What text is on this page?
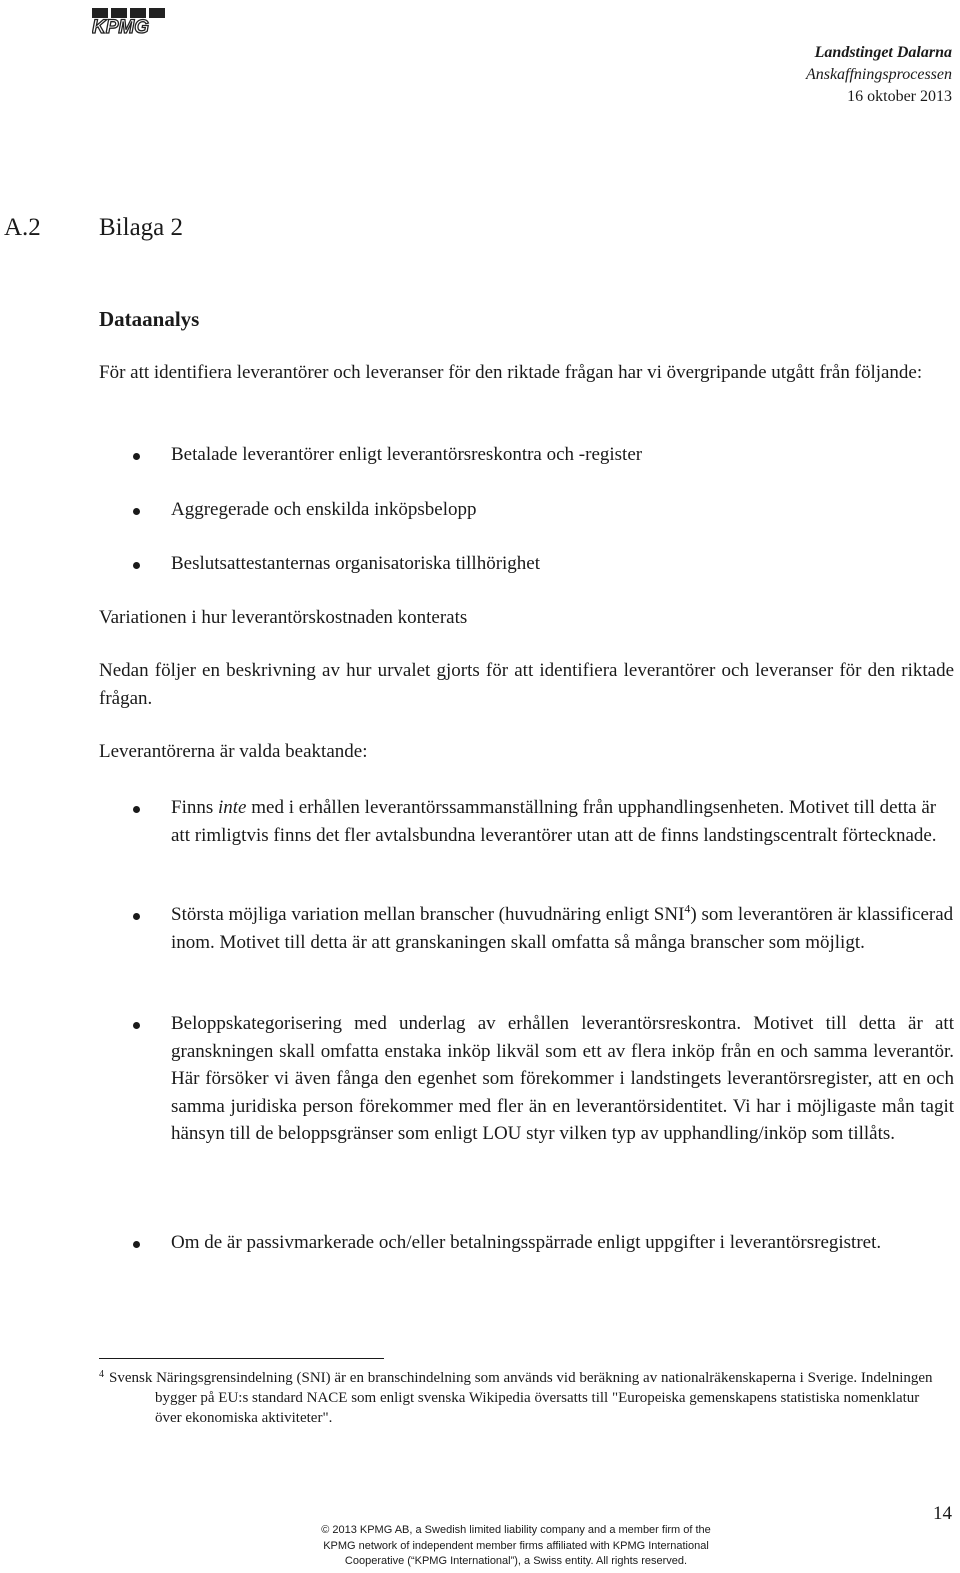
KPMG
Landstinget Dalarna
Anskaffningsprocessen
16 oktober 2013
A.2 Bilaga 2

Dataanalys

För att identifiera leverantörer och leveranser för den riktade frågan har vi övergripande utgått från följande:

Betalade leverantörer enligt leverantörsreskontra och -register
Aggregerade och enskilda inköpsbelopp
Beslutsattestanternas organisatoriska tillhörighet

Variationen i hur leverantörskostnaden konterats

Nedan följer en beskrivning av hur urvalet gjorts för att identifiera leverantörer och leveranser för den riktade frågan.

Leverantörerna är valda beaktande:

Finns inte med i erhållen leverantörssammanställning från upphandlingsenheten. Motivet till detta är att rimligtvis finns det fler avtalsbundna leverantörer utan att de finns landstingscentralt förtecknade.
Största möjliga variation mellan branscher (huvudnäring enligt SNI$^4$) som leverantören är klassificerad inom. Motivet till detta är att granskaningen skall omfatta så många branscher som möjligt.
Beloppskategorisering med underlag av erhållen leverantörsreskontra. Motivet till detta är att granskningen skall omfatta enstaka inköp likväl som ett av flera inköp från en och samma leverantör. Här försöker vi även fånga den egenhet som förekommer i landstingets leverantörsregister, att en och samma juridiska person förekommer med fler än en leverantörsidentitet. Vi har i möjligaste mån tagit hänsyn till de beloppsgränser som enligt LOU styr vilken typ av upphandling/inköp som tillåts.
Om de är passivmarkerade och/eller betalningsspärrade enligt uppgifter i leverantörsregistret.
4 Svensk Näringsgrensindelning (SNI) är en branschindelning som används vid beräkning av nationalräkenskaperna i Sverige. Indelningen bygger på EU:s standard NACE som enligt svenska Wikipedia översatts till "Europeiska gemenskapens statistiska nomenklatur över ekonomiska aktiviteter".
© 2013 KPMG AB, a Swedish limited liability company and a member firm of the
KPMG network of independent member firms affiliated with KPMG International
Cooperative (“KPMG International”), a Swiss entity. All rights reserved.
14
